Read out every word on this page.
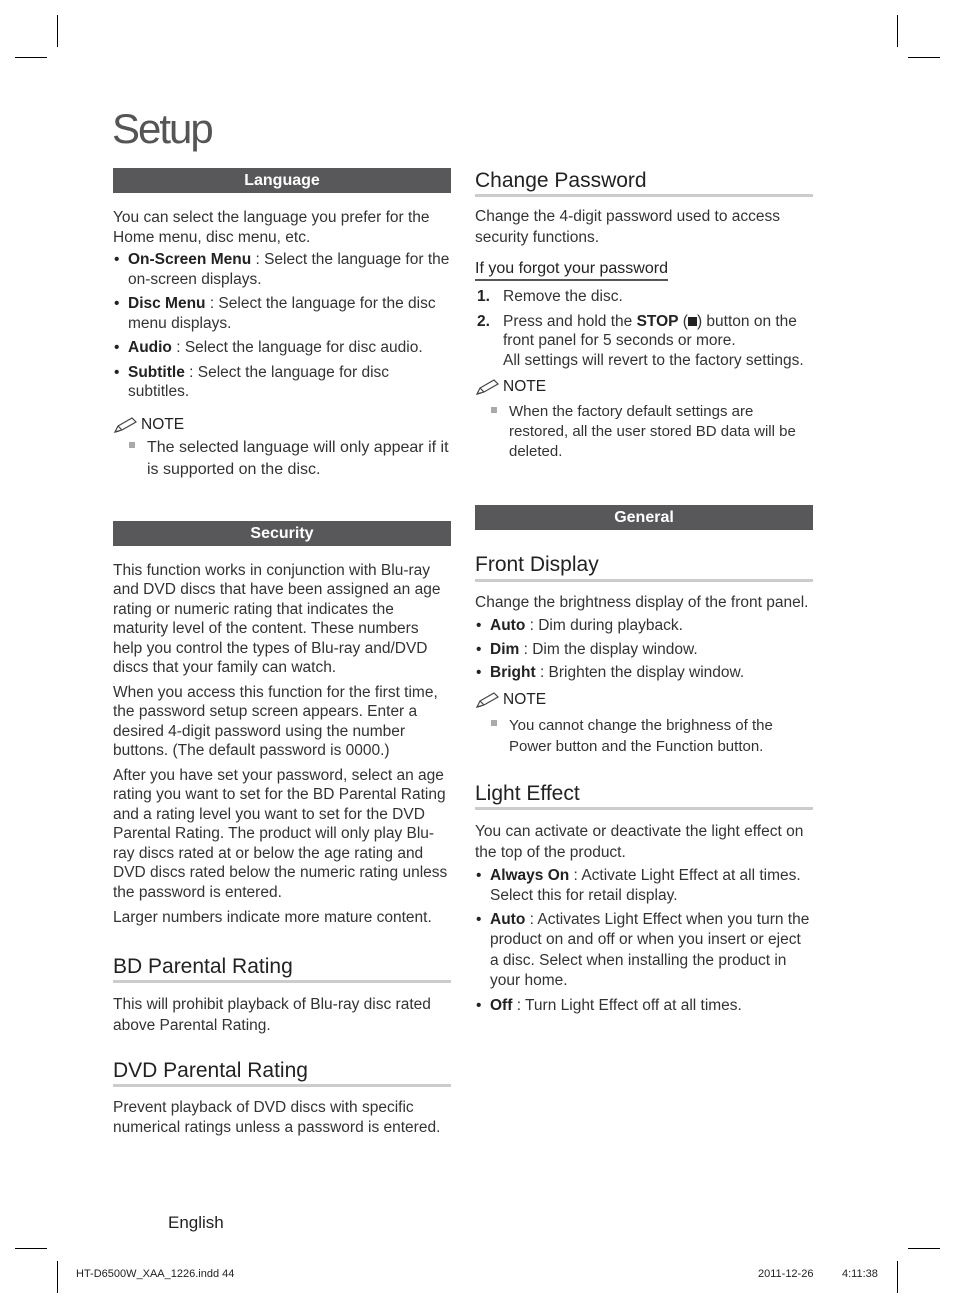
Setup
Language

You can select the language you prefer for the Home menu, disc menu, etc.

• On-Screen Menu : Select the language for the on-screen displays.
• Disc Menu : Select the language for the disc menu displays.
• Audio : Select the language for disc audio.
• Subtitle : Select the language for disc subtitles.
NOTE
The selected language will only appear if it is supported on the disc.
Security

This function works in conjunction with Blu-ray and DVD discs that have been assigned an age rating or numeric rating that indicates the maturity level of the content. These numbers help you control the types of Blu-ray and/DVD discs that your family can watch.

When you access this function for the first time, the password setup screen appears. Enter a desired 4-digit password using the number buttons. (The default password is 0000.)

After you have set your password, select an age rating you want to set for the BD Parental Rating and a rating level you want to set for the DVD Parental Rating. The product will only play Blu-ray discs rated at or below the age rating and DVD discs rated below the numeric rating unless the password is entered.

Larger numbers indicate more mature content.

BD Parental Rating

This will prohibit playback of Blu-ray disc rated above Parental Rating.

DVD Parental Rating

Prevent playback of DVD discs with specific numerical ratings unless a password is entered.

Change Password

Change the 4-digit password used to access security functions.

If you forgot your password
1. Remove the disc.
2. Press and hold the STOP ( ) button on the front panel for 5 seconds or more.
All settings will revert to the factory settings.
NOTE
When the factory default settings are restored, all the user stored BD data will be deleted.
General
Front Display

Change the brightness display of the front panel.

• Auto : Dim during playback.
• Dim : Dim the display window.
• Bright : Brighten the display window.
NOTE
You cannot change the brighness of the Power button and the Function button.
Light Effect

You can activate or deactivate the light effect on the top of the product.

• Always On : Activate Light Effect at all times. Select this for retail display.
• Auto : Activates Light Effect when you turn the product on and off or when you insert or eject a disc. Select when installing the product in your home.
• Off : Turn Light Effect off at all times.
English
HT-D6500W_XAA_1226.indd 44	2011-12-26	4:11:38
